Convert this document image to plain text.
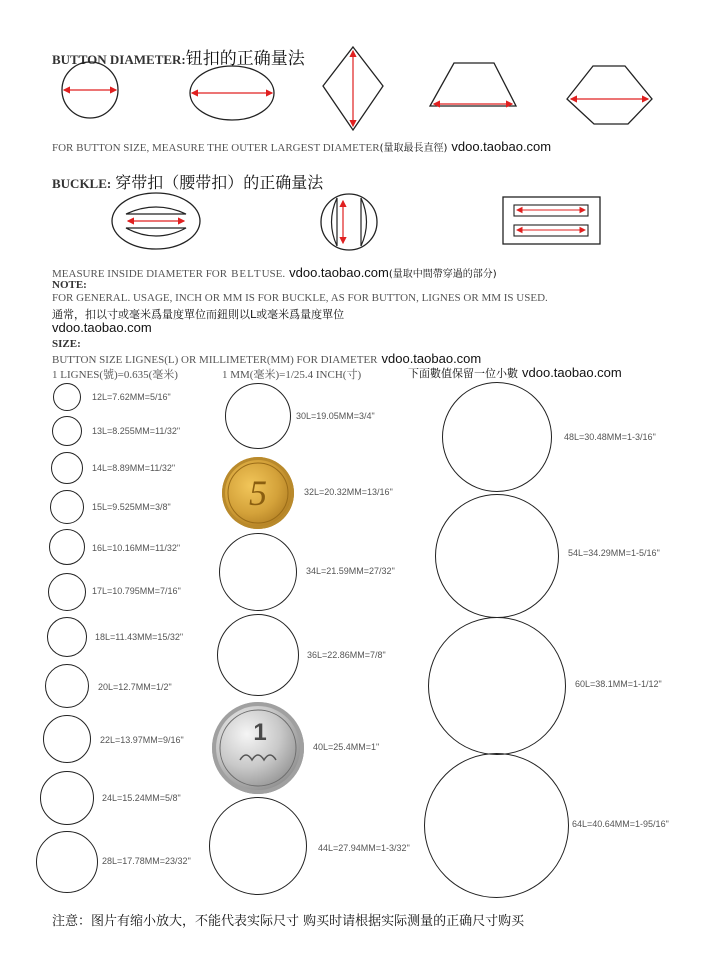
BUTTON DIAMETER:钮扣的正确量法
FOR BUTTON SIZE, MEASURE THE OUTER LARGEST DIAMETER(量取最長直徑) vdoo.taobao.com
BUCKLE: 穿带扣（腰带扣）的正确量法
MEASURE INSIDE DIAMETER FOR BELTUSE. vdoo.taobao.com(量取中間帶穿過的部分)
NOTE:
FOR GENERAL. USAGE, INCH OR MM IS FOR BUCKLE, AS FOR BUTTON, LIGNES OR MM IS USED.
通常，扣以寸或毫米爲量度單位而鈕則以L或毫米爲量度單位
vdoo.taobao.com
SIZE:
BUTTON SIZE LIGNES(L) OR MILLIMETER(MM) FOR DIAMETER vdoo.taobao.com
1 LIGNES(號)=0.635(毫米)	1 MM(毫米)=1/25.4 INCH(寸)	下面數值保留一位小數 vdoo.taobao.com
12L=7.62MM=5/16"
13L=8.255MM=11/32"
14L=8.89MM=11/32"
15L=9.525MM=3/8"
16L=10.16MM=11/32"
17L=10.795MM=7/16"
18L=11.43MM=15/32"
20L=12.7MM=1/2"
22L=13.97MM=9/16"
24L=15.24MM=5/8"
28L=17.78MM=23/32"
30L=19.05MM=3/4"
5	32L=20.32MM=13/16"
34L=21.59MM=27/32"
36L=22.86MM=7/8"
1
40L=25.4MM=1"
44L=27.94MM=1-3/32"
48L=30.48MM=1-3/16"
54L=34.29MM=1-5/16"
60L=38.1MM=1-1/12"
64L=40.64MM=1-95/16"
注意：图片有缩小放大，不能代表实际尺寸 购买时请根据实际测量的正确尺寸购买
